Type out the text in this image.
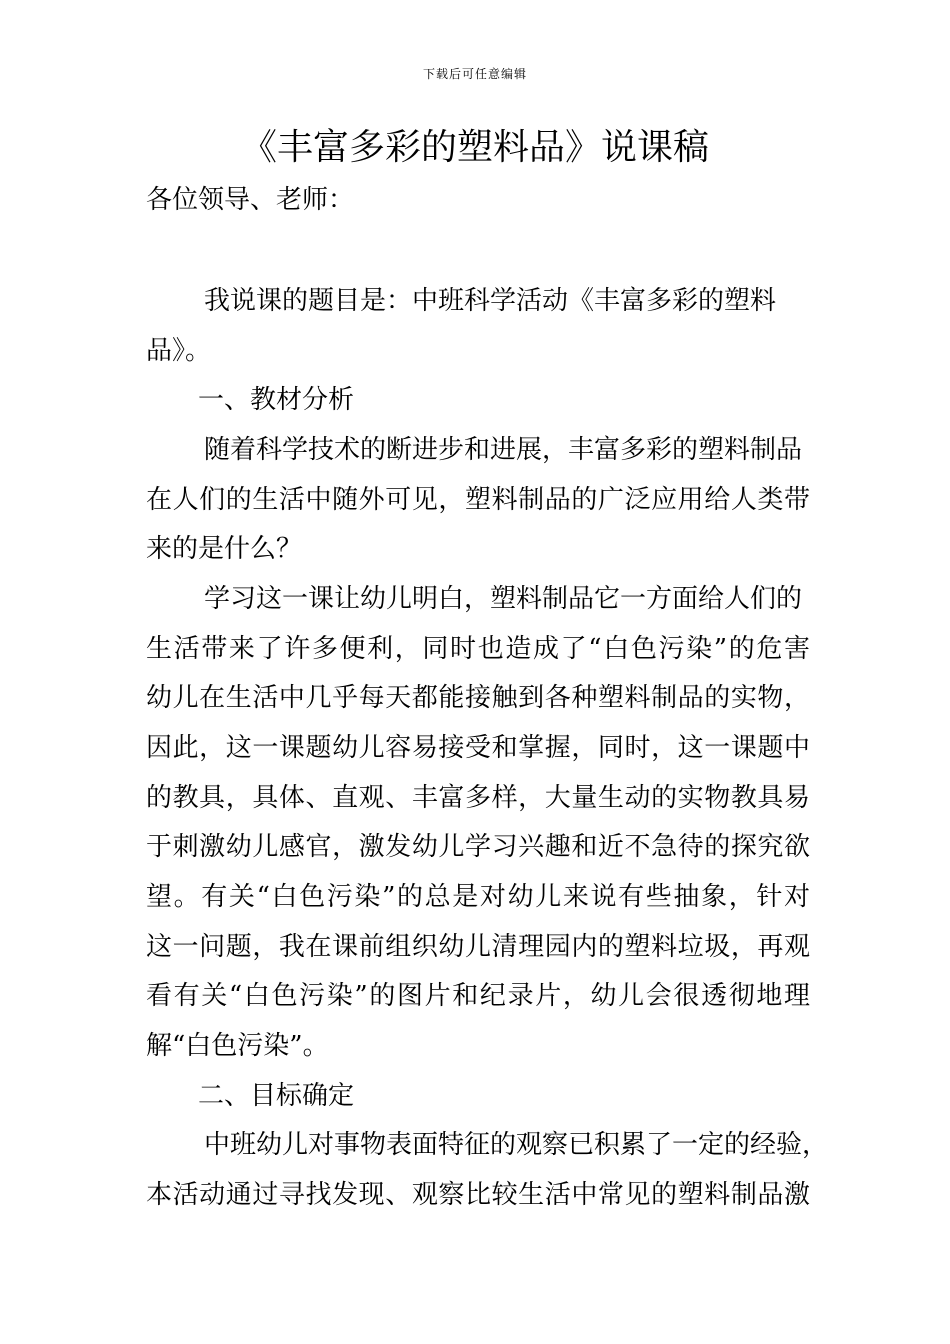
下载后可任意编辑
《丰富多彩的塑料品》说课稿
各位领导、老师：
我说课的题目是：中班科学活动《丰富多彩的塑料
品》。
一、教材分析
随着科学技术的断进步和进展，丰富多彩的塑料制品
在人们的生活中随外可见，塑料制品的广泛应用给人类带
来的是什么？
学习这一课让幼儿明白，塑料制品它一方面给人们的
生活带来了许多便利，同时也造成了“白色污染”的危害
幼儿在生活中几乎每天都能接触到各种塑料制品的实物，
因此，这一课题幼儿容易接受和掌握，同时，这一课题中
的教具，具体、直观、丰富多样，大量生动的实物教具易
于刺激幼儿感官，激发幼儿学习兴趣和近不急待的探究欲
望。有关“白色污染”的总是对幼儿来说有些抽象，针对
这一问题，我在课前组织幼儿清理园内的塑料垃圾，再观
看有关“白色污染”的图片和纪录片，幼儿会很透彻地理
解“白色污染”。
二、目标确定
中班幼儿对事物表面特征的观察已积累了一定的经验，
本活动通过寻找发现、观察比较生活中常见的塑料制品激
